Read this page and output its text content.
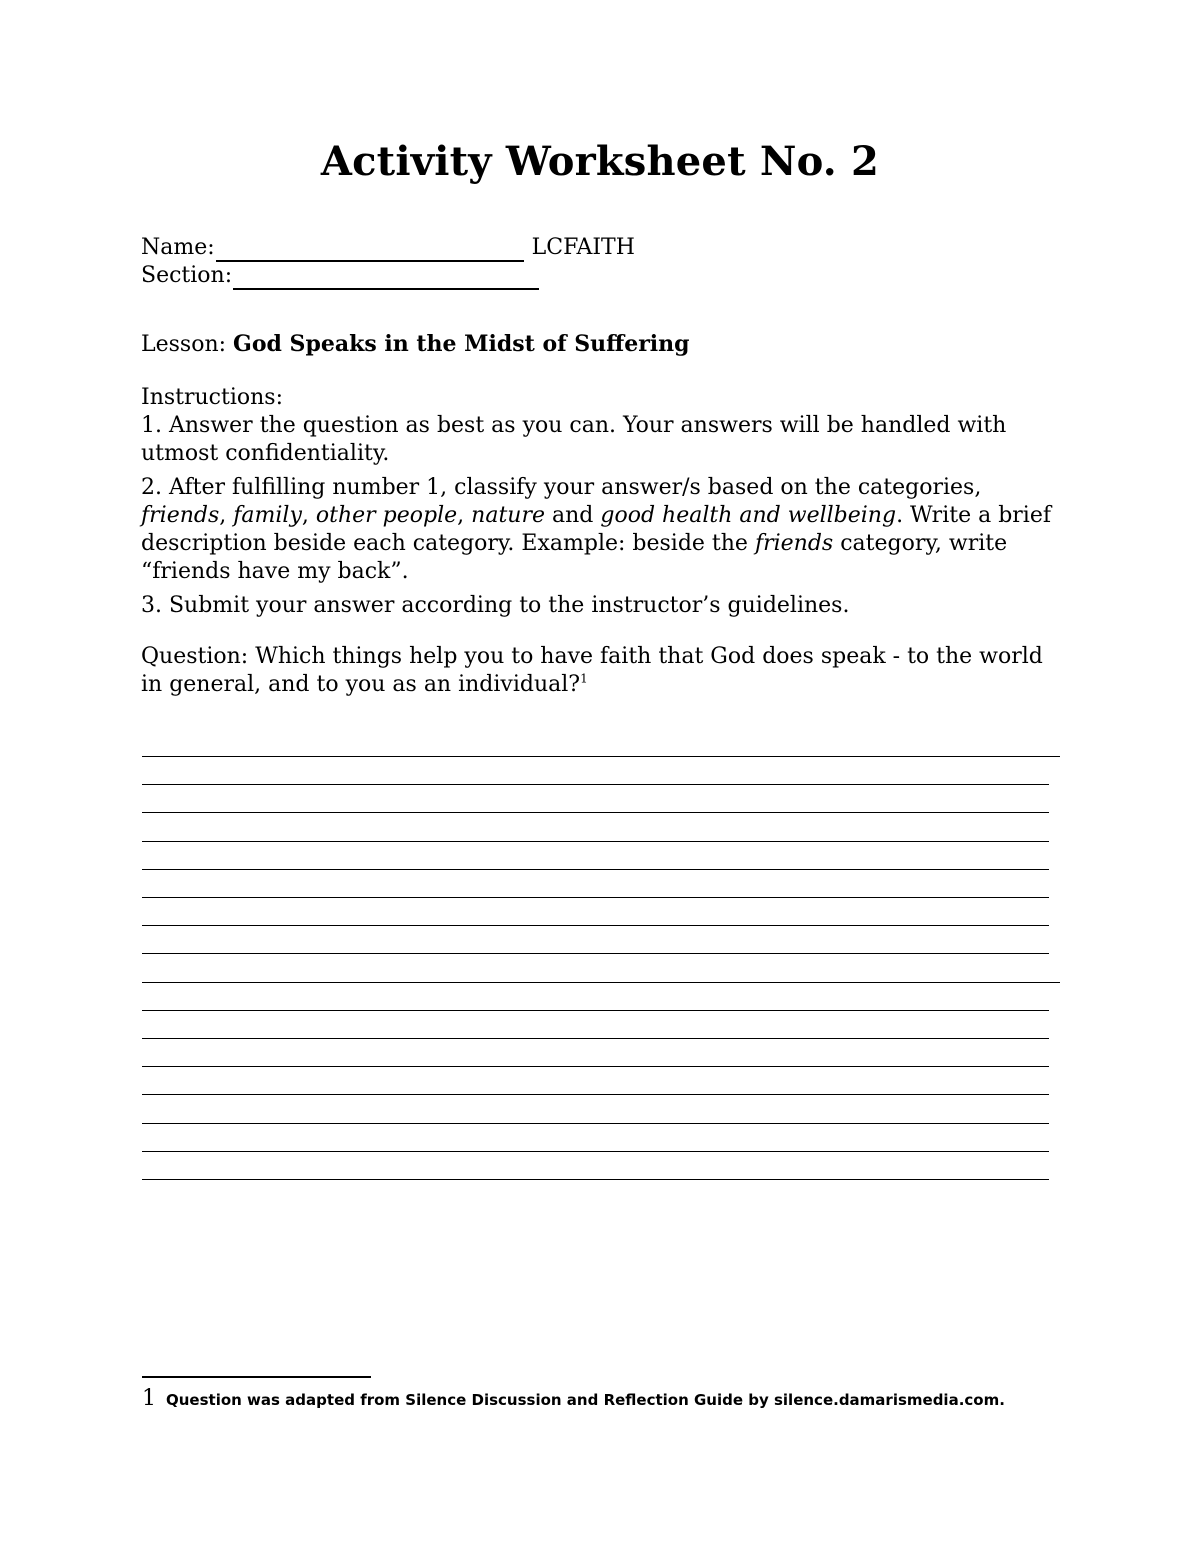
Activity Worksheet No. 2
Name:	LCFAITH
Section:
Lesson: God Speaks in the Midst of Suffering

Instructions:

1. Answer the question as best as you can. Your answers will be handled with utmost confidentiality.

2. After fulfilling number 1, classify your answer/s based on the categories, friends, family, other people, nature and good health and wellbeing. Write a brief description beside each category. Example: beside the friends category, write “friends have my back”.

3. Submit your answer according to the instructor’s guidelines.

Question: Which things help you to have faith that God does speak - to the world in general, and to you as an individual?$^1$
1 Question was adapted from Silence Discussion and Reflection Guide by silence.damarismedia.com.
